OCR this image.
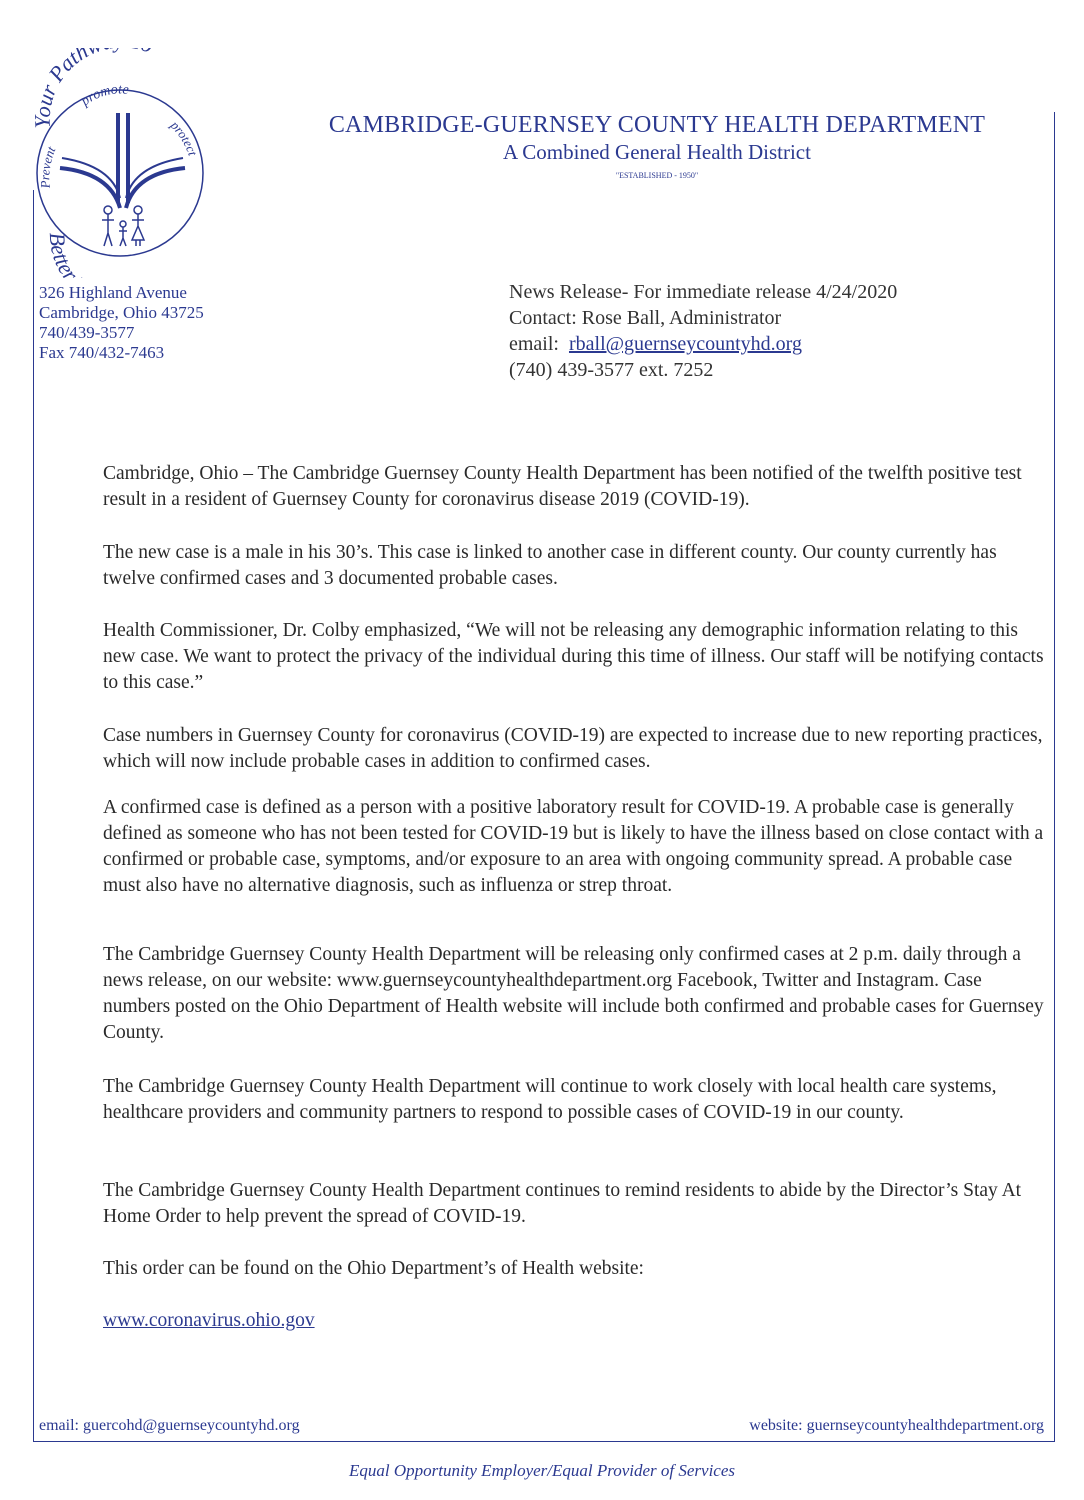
Your Path
promote
Prevent
protect
Better
CAMBRIDGE-GUERNSEY COUNTY HEALTH DEPARTMENT
A Combined General Health District
"ESTABLISHED - 1950"
326 Highland Avenue
Cambridge, Ohio 43725
740/439-3577
Fax 740/432-7463
News Release- For immediate release 4/24/2020
Contact: Rose Ball, Administrator
email:  rball@guernseycountyhd.org
(740) 439-3577 ext. 7252

Cambridge, Ohio – The Cambridge Guernsey County Health Department has been notified of the twelfth positive test result in a resident of Guernsey County for coronavirus disease 2019 (COVID-19).

The new case is a male in his 30’s. This case is linked to another case in different county. Our county currently has twelve confirmed cases and 3 documented probable cases.

Health Commissioner, Dr. Colby emphasized, “We will not be releasing any demographic information relating to this new case. We want to protect the privacy of the individual during this time of illness. Our staff will be notifying contacts to this case.”

Case numbers in Guernsey County for coronavirus (COVID-19) are expected to increase due to new reporting practices, which will now include probable cases in addition to confirmed cases.

A confirmed case is defined as a person with a positive laboratory result for COVID-19. A probable case is generally defined as someone who has not been tested for COVID-19 but is likely to have the illness based on close contact with a confirmed or probable case, symptoms, and/or exposure to an area with ongoing community spread. A probable case must also have no alternative diagnosis, such as influenza or strep throat.

The Cambridge Guernsey County Health Department will be releasing only confirmed cases at 2 p.m. daily through a news release, on our website: www.guernseycountyhealthdepartment.org Facebook, Twitter and Instagram. Case numbers posted on the Ohio Department of Health website will include both confirmed and probable cases for Guernsey County.

The Cambridge Guernsey County Health Department will continue to work closely with local health care systems, healthcare providers and community partners to respond to possible cases of COVID-19 in our county.

The Cambridge Guernsey County Health Department continues to remind residents to abide by the Director’s Stay At Home Order to help prevent the spread of COVID-19.

This order can be found on the Ohio Department’s of Health website:

www.coronavirus.ohio.gov
email: guercohd@guernseycountyhd.org	website: guernseycountyhealthdepartment.org
Equal Opportunity Employer/Equal Provider of Services
